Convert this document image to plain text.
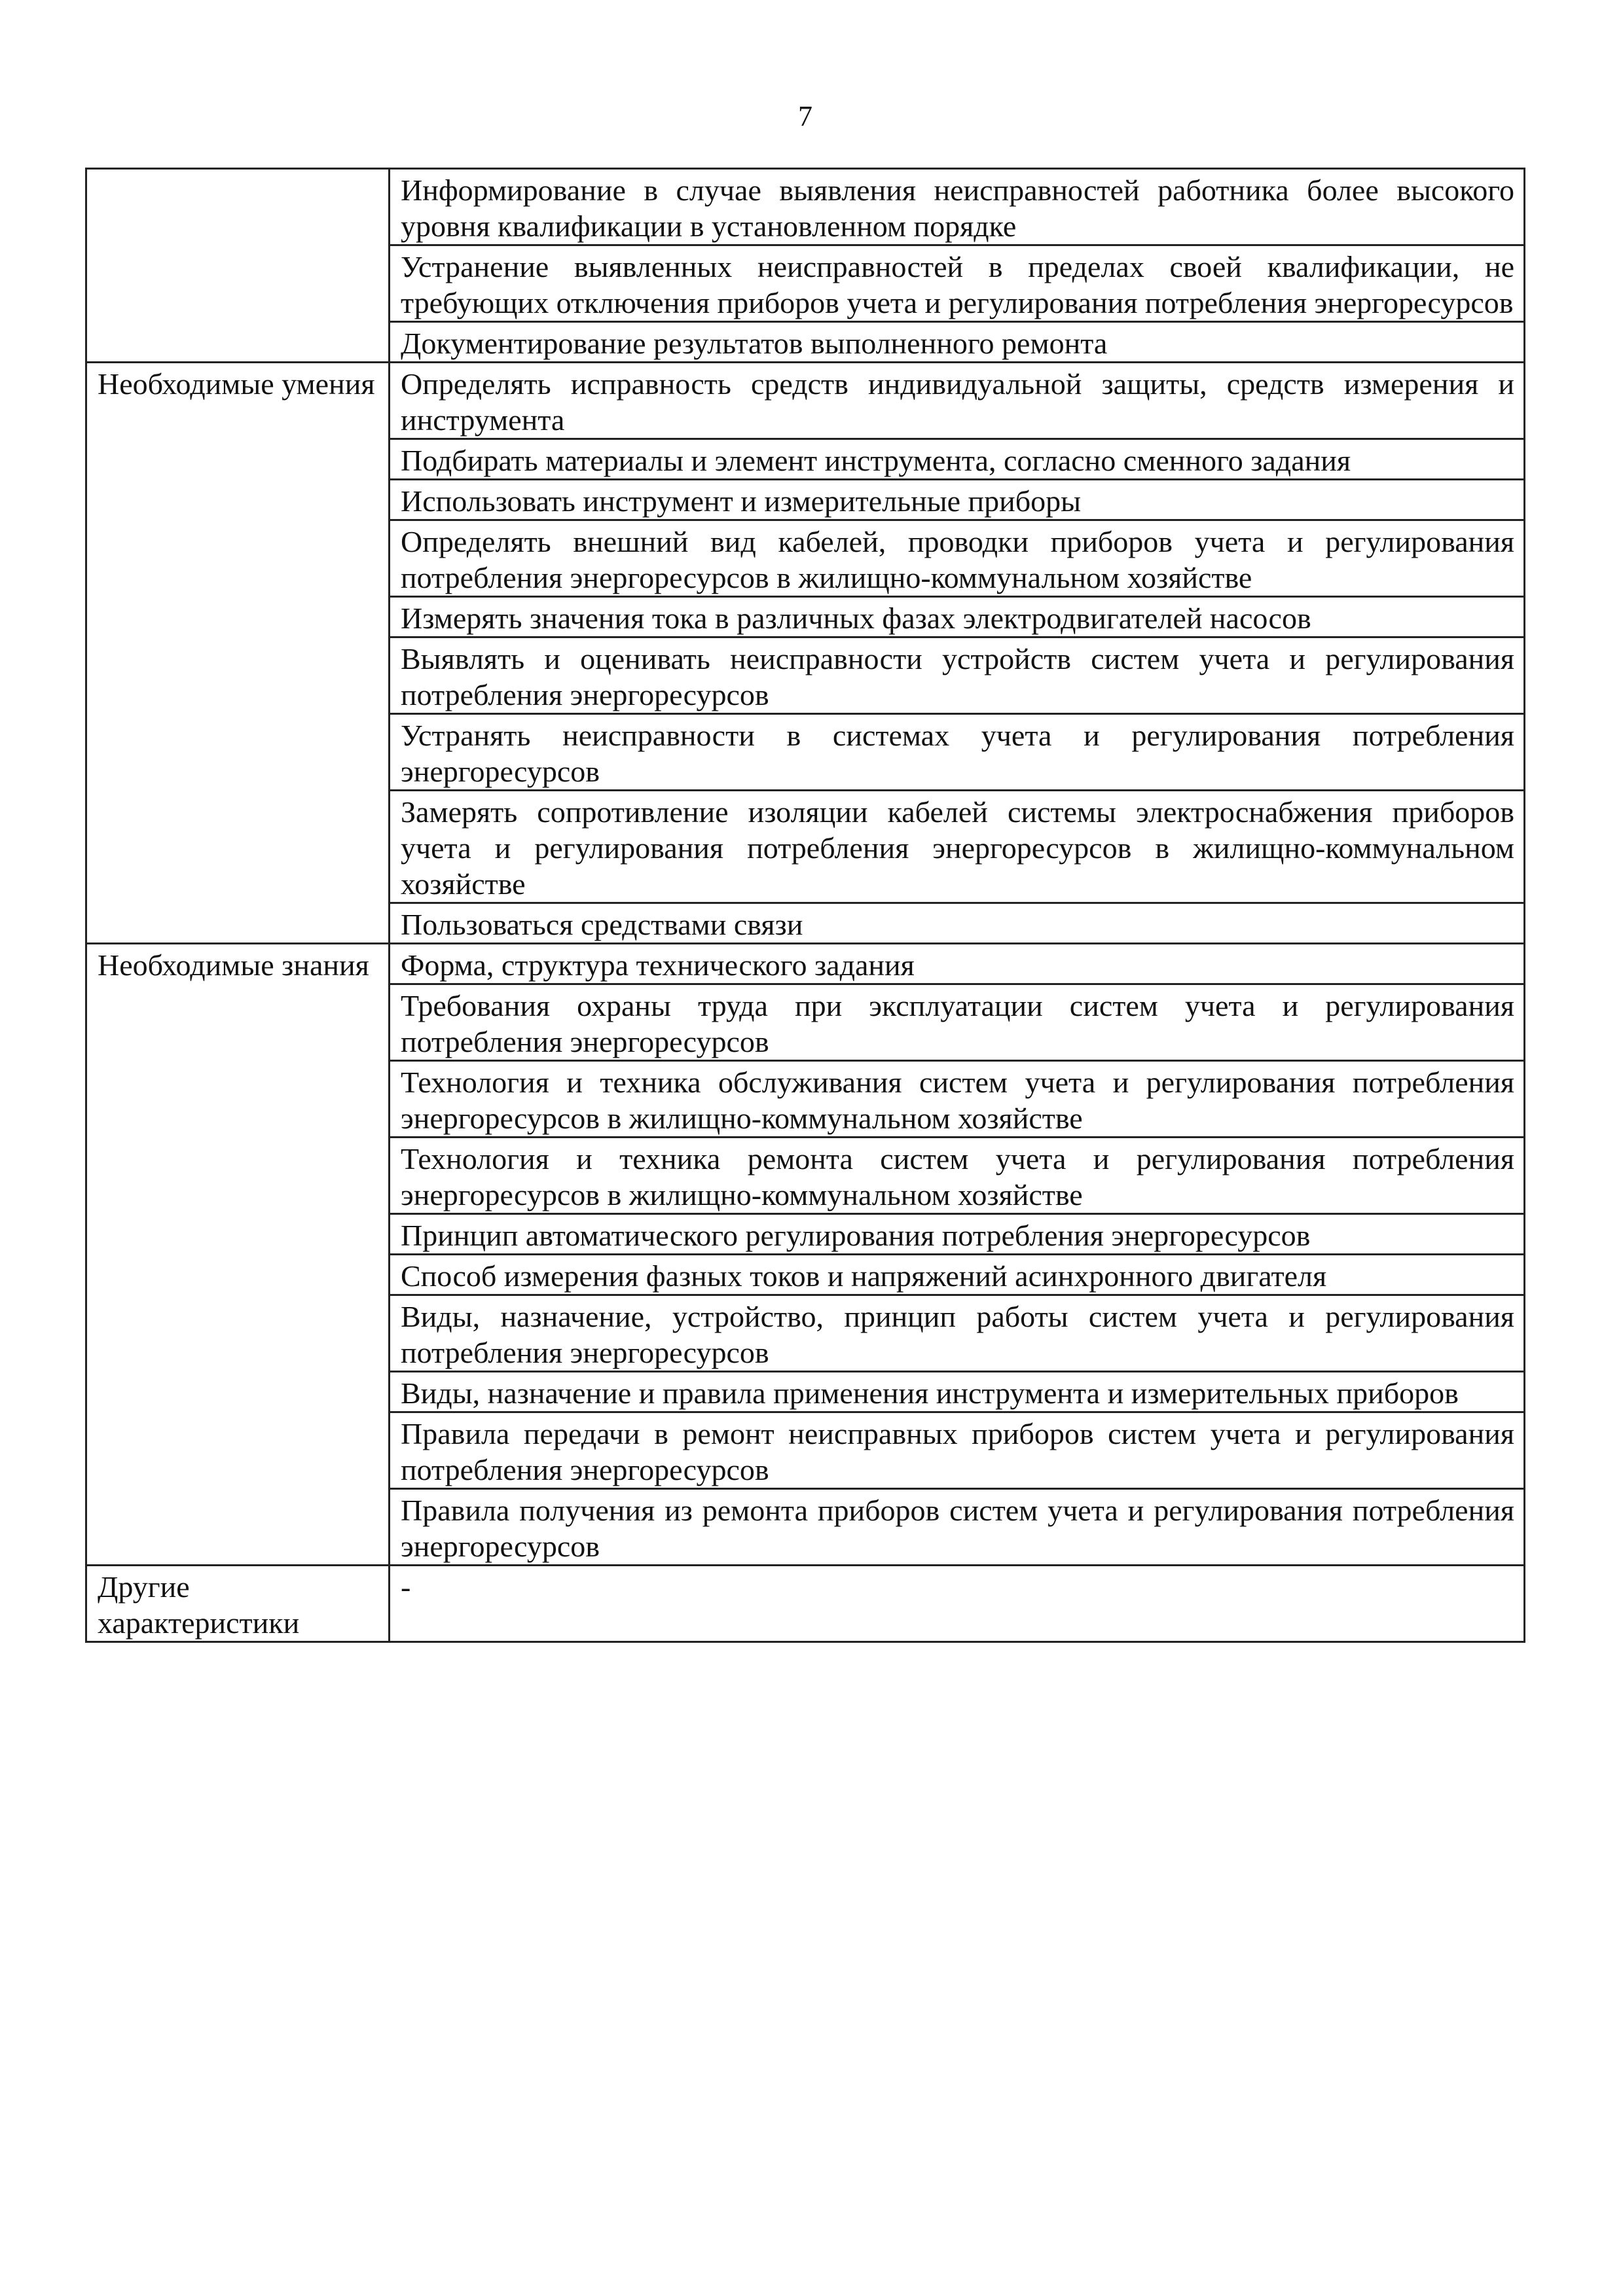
7
	Информирование в случае выявления неисправностей работника более высокого уровня квалификации в установленном порядке
	Устранение выявленных неисправностей в пределах своей квалификации, не требующих отключения приборов учета и регулирования потребления энергоресурсов
	Документирование результатов выполненного ремонта
Необходимые умения	Определять исправность средств индивидуальной защиты, средств измерения и инструмента
	Подбирать материалы и элемент инструмента, согласно сменного задания
	Использовать инструмент и измерительные приборы
	Определять внешний вид кабелей, проводки приборов учета и регулирования потребления энергоресурсов в жилищно-коммунальном хозяйстве
	Измерять значения тока в различных фазах электродвигателей насосов
	Выявлять и оценивать неисправности устройств систем учета и регулирования потребления энергоресурсов
	Устранять неисправности в системах учета и регулирования потребления энергоресурсов
	Замерять сопротивление изоляции кабелей системы электроснабжения приборов учета и регулирования потребления энергоресурсов в жилищно-коммунальном хозяйстве
	Пользоваться средствами связи
Необходимые знания	Форма, структура технического задания
	Требования охраны труда при эксплуатации систем учета и регулирования потребления энергоресурсов
	Технология и техника обслуживания систем учета и регулирования потребления энергоресурсов в жилищно-коммунальном хозяйстве
	Технология и техника ремонта систем учета и регулирования потребления энергоресурсов в жилищно-коммунальном хозяйстве
	Принцип автоматического регулирования потребления энергоресурсов
	Способ измерения фазных токов и напряжений асинхронного двигателя
	Виды, назначение, устройство, принцип работы систем учета и регулирования потребления энергоресурсов
	Виды, назначение и правила применения инструмента и измерительных приборов
	Правила передачи в ремонт неисправных приборов систем учета и регулирования потребления энергоресурсов
	Правила получения из ремонта приборов систем учета и регулирования потребления энергоресурсов
Другие характеристики	-
